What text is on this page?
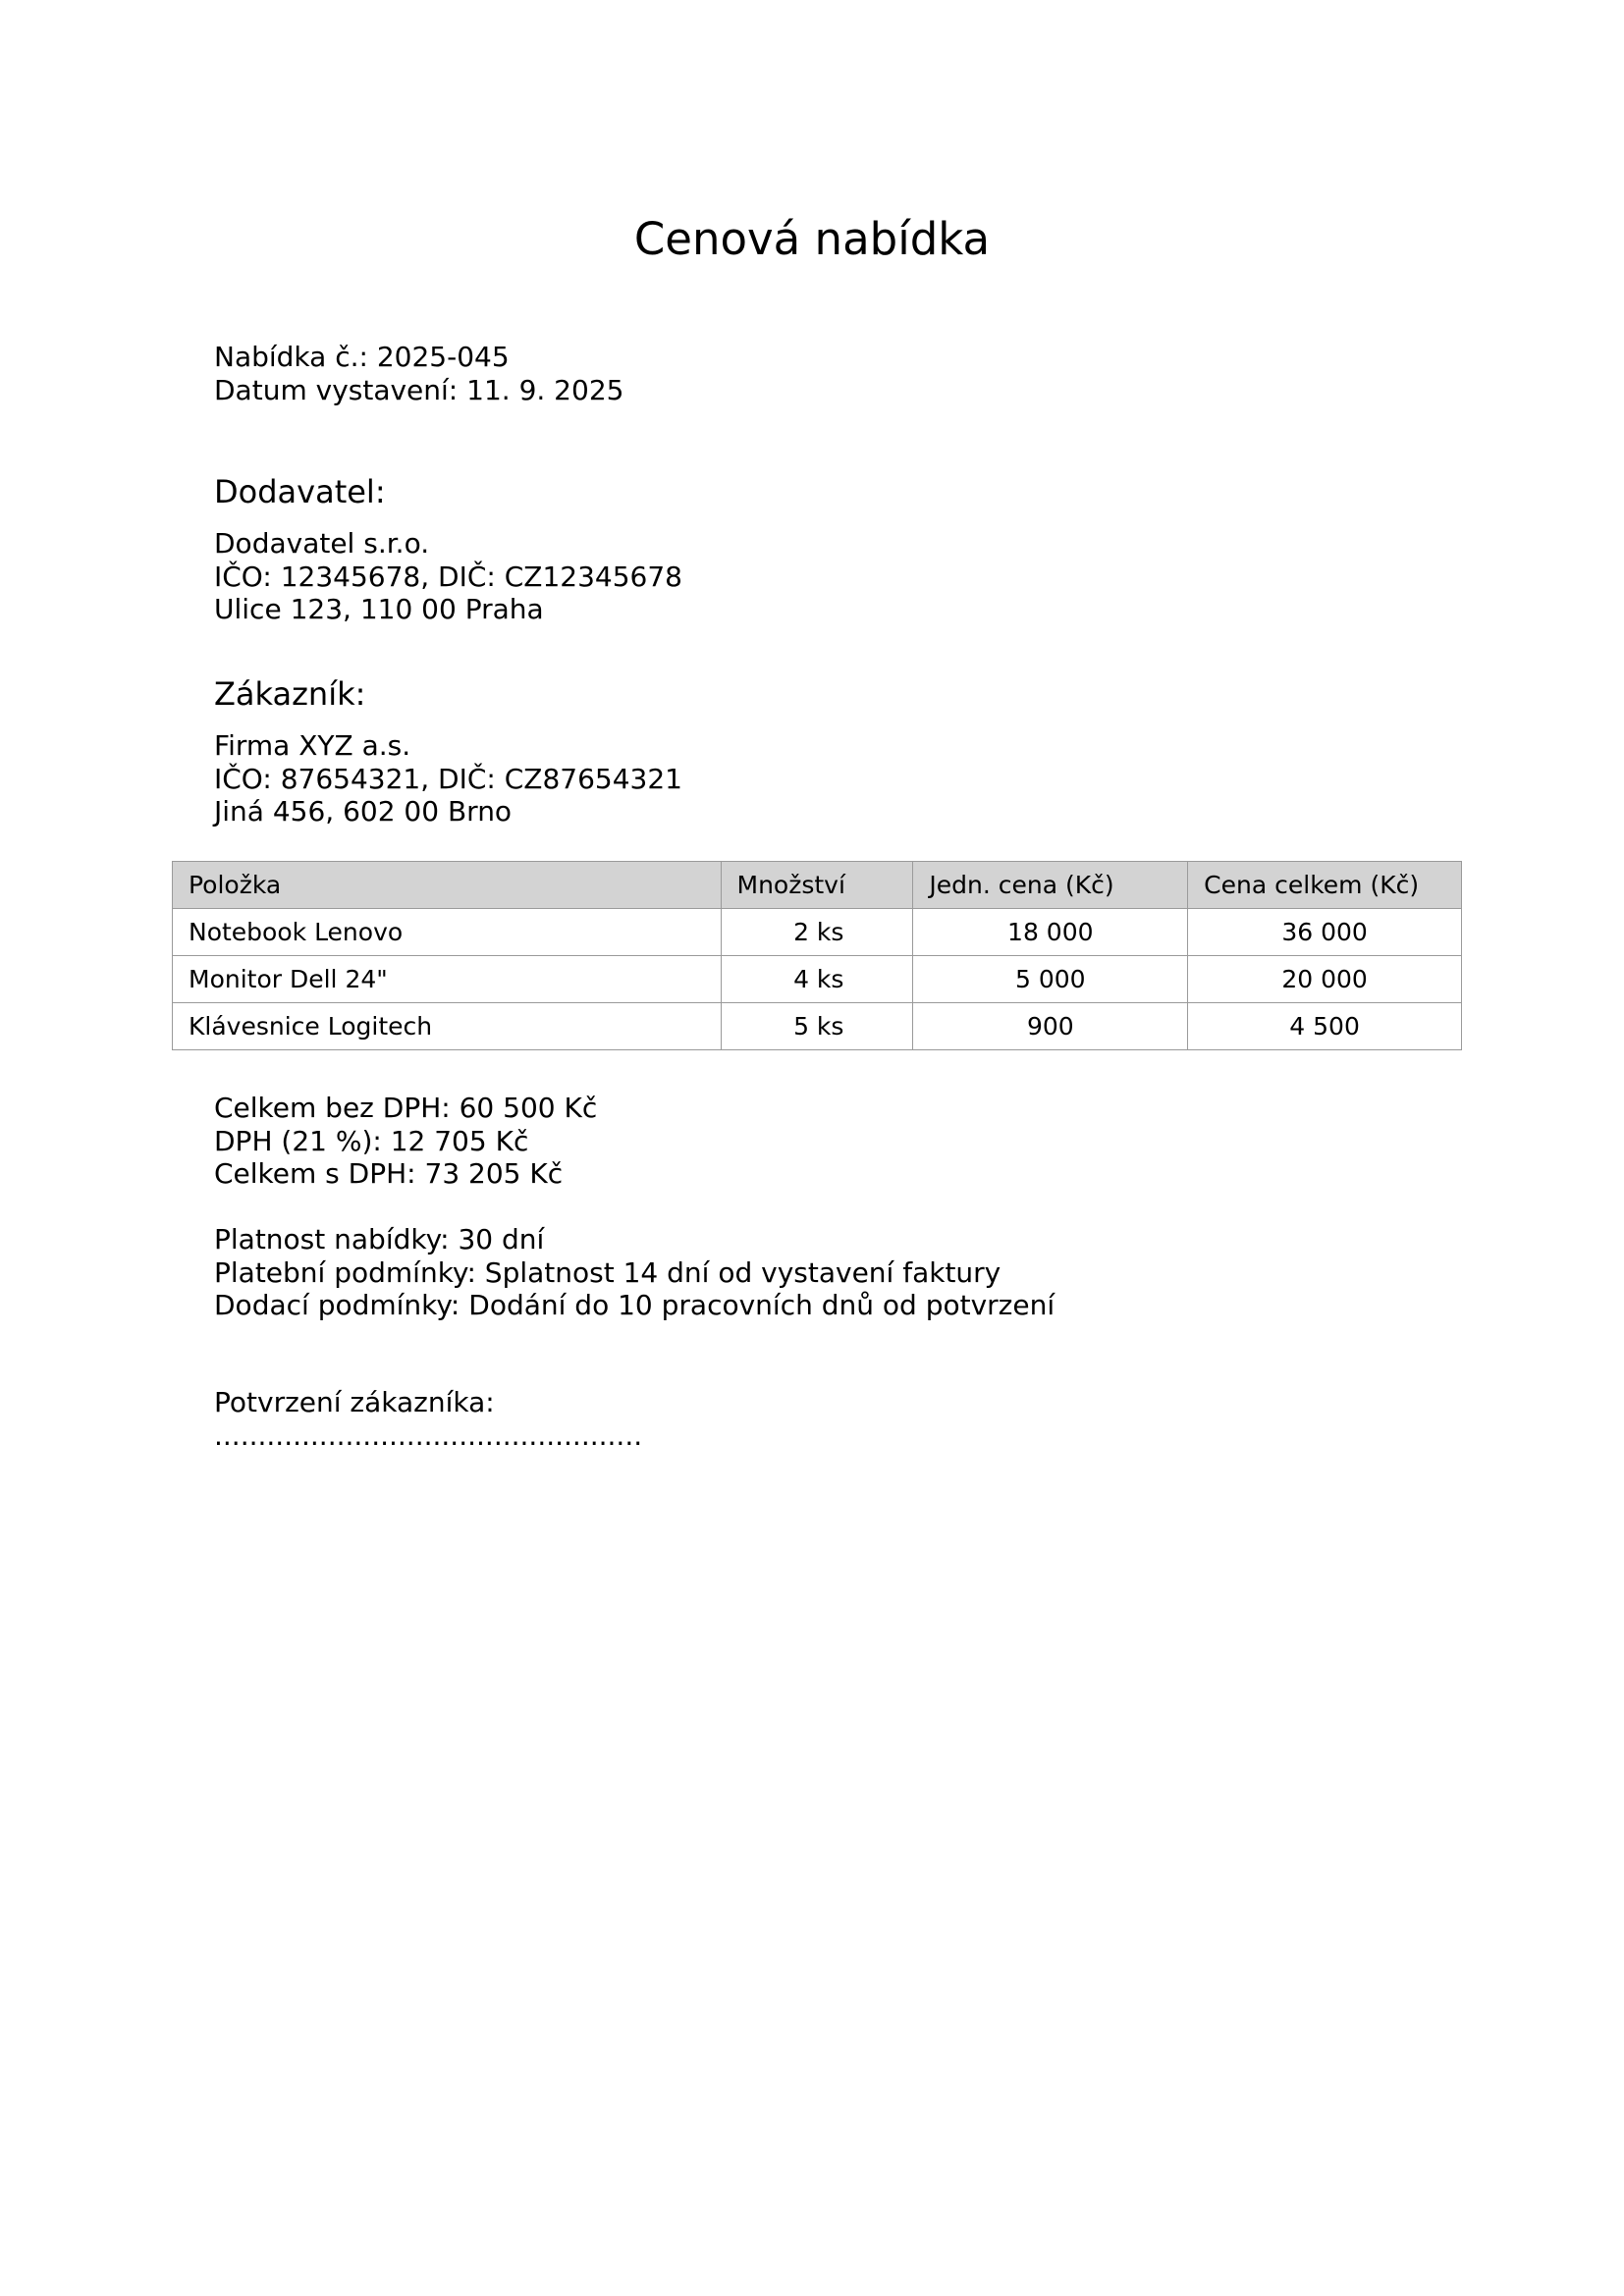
Cenová nabídka
Nabídka č.: 2025-045
Datum vystavení: 11. 9. 2025
Dodavatel:
Dodavatel s.r.o.
IČO: 12345678, DIČ: CZ12345678
Ulice 123, 110 00 Praha
Zákazník:
Firma XYZ a.s.
IČO: 87654321, DIČ: CZ87654321
Jiná 456, 602 00 Brno
Položka	Množství	Jedn. cena (Kč)	Cena celkem (Kč)
Notebook Lenovo	2 ks	18 000	36 000
Monitor Dell 24"	4 ks	5 000	20 000
Klávesnice Logitech	5 ks	900	4 500
Celkem bez DPH: 60 500 Kč
DPH (21 %): 12 705 Kč
Celkem s DPH: 73 205 Kč
Platnost nabídky: 30 dní
Platební podmínky: Splatnost 14 dní od vystavení faktury
Dodací podmínky: Dodání do 10 pracovních dnů od potvrzení
Potvrzení zákazníka:
.................................................
